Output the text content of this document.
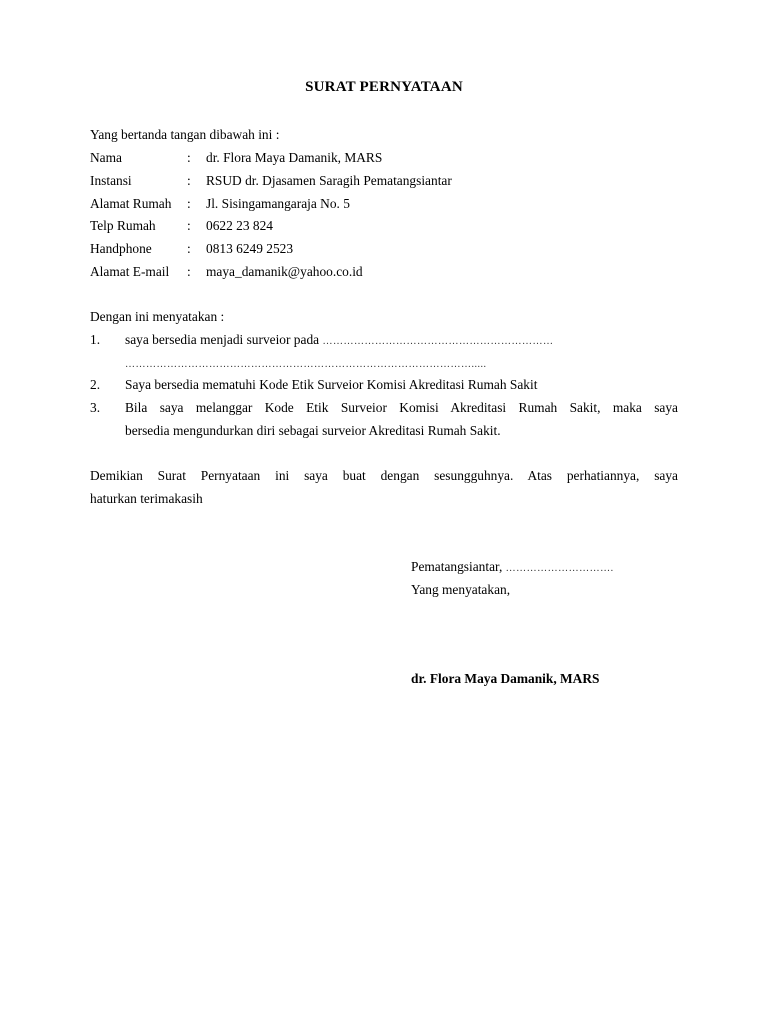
SURAT PERNYATAAN
Yang bertanda tangan dibawah ini :
Nama	: dr. Flora Maya Damanik, MARS
Instansi	: RSUD dr. Djasamen Saragih Pematangsiantar
Alamat Rumah : Jl. Sisingamangaraja No. 5
Telp Rumah : 0622 23 824
Handphone	: 0813 6249 2523
Alamat E-mail : maya_damanik@yahoo.co.id
Dengan ini menyatakan :
1. saya bersedia menjadi surveior pada …………………………………………………………
……………………………………………………………………………………….....
2. Saya bersedia mematuhi Kode Etik Surveior Komisi Akreditasi Rumah Sakit
3. Bila saya melanggar Kode Etik Surveior Komisi Akreditasi Rumah Sakit, maka saya
bersedia mengundurkan diri sebagai surveior Akreditasi Rumah Sakit.
Demikian Surat Pernyataan ini saya buat dengan sesungguhnya. Atas perhatiannya, saya
haturkan terimakasih
Pematangsiantar, ………………………….
Yang menyatakan,
dr. Flora Maya Damanik, MARS
